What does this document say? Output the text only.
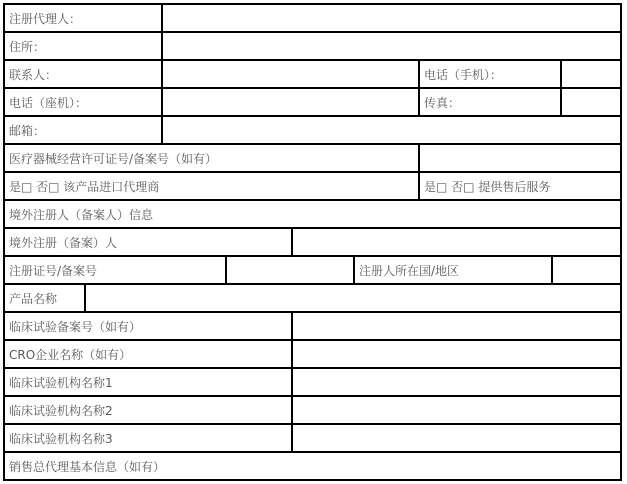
注册代理人：								
住所：								
联系人：						电话（手机）：		
电话（座机）：						传真：		
邮箱：								
医疗器械经营许可证号/备案号（如有）								
是□ 否□ 该产品进口代理商						是□ 否□ 提供售后服务		
境外注册人（备案人）信息								
境外注册（备案）人								
注册证号/备案号					注册人所在国/地区			
产品名称								
临床试验备案号（如有）								
CRO企业名称（如有）								
临床试验机构名称1								
临床试验机构名称2								
临床试验机构名称3								
销售总代理基本信息（如有）								
